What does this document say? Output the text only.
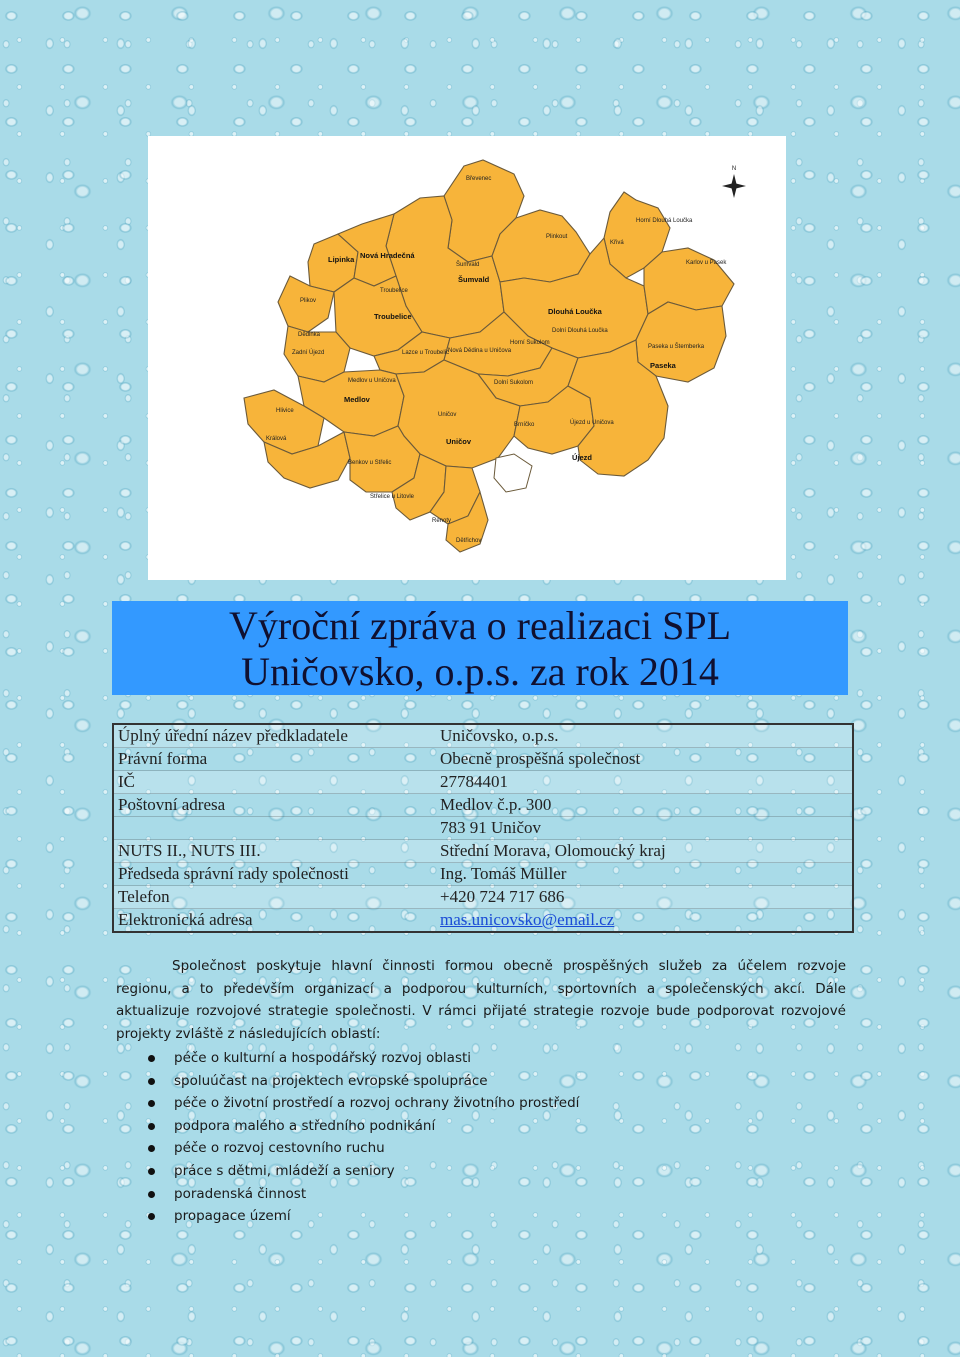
N
Břevenec
Horní Dlouhá Loučka
Křivá
Plinkout
Karlov u Pasek
Lipinka Nová Hradečná
Šumvald
Šumvald
Troubelice
Troubelice
Plikov
Dlouhá Loučka
Dolní Dlouhá Loučka
Dědinka
Zadní Újezd	Lazce u Troubelic
Nová Dědina u Uničova
Horní Sukolom
Paseka u Šternberka
Paseka
Medlov u Uničova	Dolní Sukolom
Medlov
Hlivice
Uničov
Újezd u Uničova
Brníčko
Uničov
Králová
Benkov u Střelic
Újezd
Střelice u Litovle
Renoty
Dětřichov
Výroční zpráva o realizaci SPL
Uničovsko, o.p.s. za rok 2014
Úplný úřední název předkladatele	Uničovsko, o.p.s.
Právní forma	Obecně prospěšná společnost
IČ	27784401
Poštovní adresa	Medlov č.p. 300
	783 91 Uničov
NUTS II., NUTS III.	Střední Morava, Olomoucký kraj
Předseda správní rady společnosti	Ing. Tomáš Müller
Telefon	+420 724 717 686
Elektronická adresa	mas.unicovsko@email.cz

Společnost poskytuje hlavní činnosti formou obecně prospěšných služeb za účelem rozvoje regionu, a to především organizací a podporou kulturních, sportovních a společenských akcí. Dále aktualizuje rozvojové strategie společnosti. V rámci přijaté strategie rozvoje bude podporovat rozvojové projekty zvláště z následujících oblastí:

péče o kulturní a hospodářský rozvoj oblasti
spoluúčast na projektech evropské spolupráce
péče o životní prostředí a rozvoj ochrany životního prostředí
podpora malého a středního podnikání
péče o rozvoj cestovního ruchu
práce s dětmi, mládeží a seniory
poradenská činnost
propagace území
